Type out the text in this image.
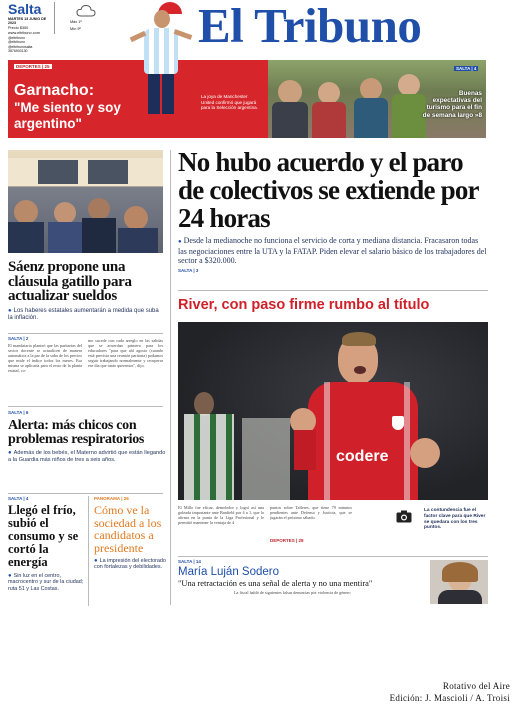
Salta
MARTES 13 JUNIO DE 2023
Precio $350
www.eltribuno.com
@eltribuno
@eltribuno
@eltribunosalta
3876903130
Máx 1º
Mín 9º El Tribuno
DEPORTES | 25
Garnacho:
"Me siento y soy argentino"
La joya de Manchester United confirmó que jugará para la Selección argentina.
SALTA | 4
Buenas expectativas del turismo para el fin de semana largo »8
Sáenz propone una cláusula gatillo para actualizar sueldos
● Los haberes estatales aumentarán a medida que suba la inflación.
SALTA | 2
El mandatario planteó que las paritarias del sector docente se actualicen de manera automática a la par de la suba de los precios que mide el índice todos los meses. Esa misma se aplicaría para el resto de la planta estatal, co-
mo sucede con cada arreglo en las salidas que se acuerdan primero para los educadores "para que ahí agosto (cuando está prevista una reunión paritaria) podamos seguir trabajando normalmente y recuperar ese día que tanto queremos", dijo.
SALTA | 6
Alerta: más chicos con problemas respiratorios
● Además de los bebés, el Materno advirtió que están llegando a la Guardia más niños de tres a seis años.
SALTA | 4
Llegó el frío, subió el consumo y se cortó la energía
● Sin luz en el centro, macrocentro y sur de la ciudad; ruta 51 y Las Costas.
PANORAMA | 26
Cómo ve la sociedad a los candidatos a presidente
● La impresión del electorado con fortalezas y debilidades.
No hubo acuerdo y el paro de colectivos se extiende por 24 horas
● Desde la medianoche no funciona el servicio de corta y mediana distancia. Fracasaron todas las negociaciones entre la UTA y la FATAP. Piden elevar el salario básico de los trabajadores del sector a $320.000.
SALTA | 3
River, con paso firme rumbo al título
codere
El Millo fue eficaz, demoledor y logró así una goleada importante ante Banfield por 4 a 1, que lo afirma en la punta de la Liga Profesional y le permitió mantener la ventaja de 4
puntos sobre Talleres, que tiene 79 minutos pendientes ante Defensa y Justicia, que se jugarán el próximo sábado.
DEPORTES | 28
La contundencia fue el factor clave para que River se quedara con los tres puntos.
SALTA | 14
María Luján Sodero
"Una retractación es una señal de alerta y no una mentira"
La fiscal habló de siguientes falsas denuncias por violencia de género
Rotativo del Aire
Edición: J. Mascioli / A. Troisi
